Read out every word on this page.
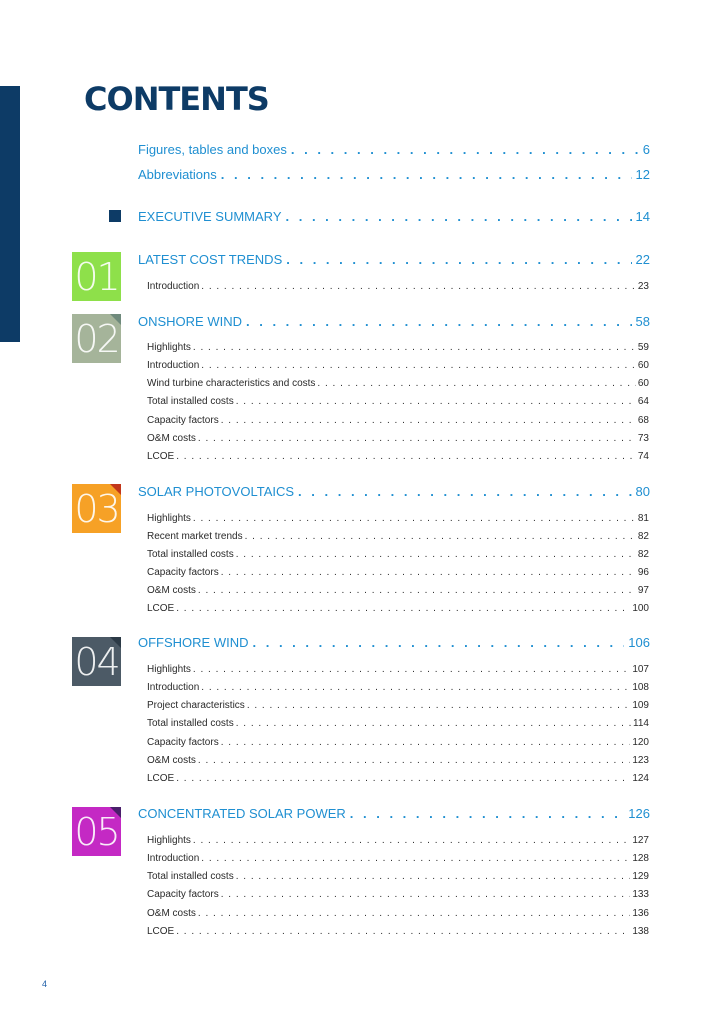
CONTENTS
Figures, tables and boxes . . .	6
Abbreviations . . .	12
EXECUTIVE SUMMARY . . .	14
01 LATEST COST TRENDS . . .	22
Introduction . . .	23
02 ONSHORE WIND . . .	58
Highlights . . .	59
Introduction . . .	60
Wind turbine characteristics and costs . . .	60
Total installed costs . . .	64
Capacity factors . . .	68
O&M costs . . .	73
LCOE . . .	74
03 SOLAR PHOTOVOLTAICS . . .	80
Highlights . . .	81
Recent market trends . . .	82
Total installed costs . . .	82
Capacity factors . . .	96
O&M costs . . .	97
LCOE . . .	100
04 OFFSHORE WIND . . .	106
Highlights . . .	107
Introduction . . .	108
Project characteristics . . .	109
Total installed costs . . .	114
Capacity factors . . .	120
O&M costs . . .	123
LCOE . . .	124
05 CONCENTRATED SOLAR POWER . . .	126
Highlights . . .	127
Introduction . . .	128
Total installed costs . . .	129
Capacity factors . . .	133
O&M costs . . .	136
LCOE . . .	138
4
